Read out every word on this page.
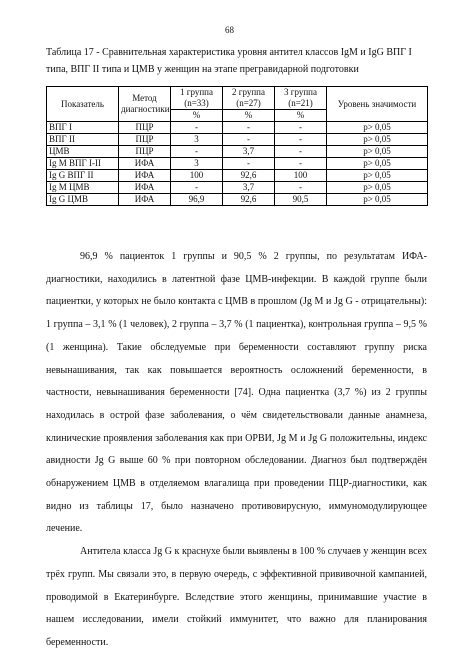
68
Таблица 17 - Сравнительная характеристика уровня антител классов IgM и IgG ВПГ I
типа, ВПГ II типа и ЦМВ у женщин на этапе прегравидарной подготовки
Показатель	Метод диагностики	1 группа (n=33)	2 группа (n=27)	3 группа (n=21)	Уровень значимости
		%	%	%	
ВПГ I	ПЦР	-	-	-	p> 0,05
ВПГ II	ПЦР	3	-	-	p> 0,05
ЦМВ	ПЦР	-	3,7	-	p> 0,05
Ig M ВПГ I-II	ИФА	3	-	-	p> 0,05
Ig G ВПГ II	ИФА	100	92,6	100	p> 0,05
Ig M ЦМВ	ИФА	-	3,7	-	p> 0,05
Ig G ЦМВ	ИФА	96,9	92,6	90,5	p> 0,05

96,9 % пациенток 1 группы и 90,5 % 2 группы, по результатам ИФА-диагностики, находились в латентной фазе ЦМВ-инфекции. В каждой группе были пациентки, у которых не было контакта с ЦМВ в прошлом (Jg M и Jg G - отрицательны): 1 группа – 3,1 % (1 человек), 2 группа – 3,7 % (1 пациентка), контрольная группа – 9,5 % (1 женщина). Такие обследуемые при беременности составляют группу риска невынашивания, так как повышается вероятность осложнений беременности, в частности, невынашивания беременности [74]. Одна пациентка (3,7 %) из 2 группы находилась в острой фазе заболевания, о чём свидетельствовали данные анамнеза, клинические проявления заболевания как при ОРВИ, Jg M и Jg G положительны, индекс авидности Jg G выше 60 % при повторном обследовании. Диагноз был подтверждён обнаружением ЦМВ в отделяемом влагалища при проведении ПЦР-диагностики, как видно из таблицы 17, было назначено противовирусную, иммуномодулирующее лечение.

Антитела класса Jg G к краснухе были выявлены в 100 % случаев у женщин всех трёх групп. Мы связали это, в первую очередь, с эффективной прививочной кампанией, проводимой в Екатеринбурге. Вследствие этого женщины, принимавшие участие в нашем исследовании, имели стойкий иммунитет, что важно для планирования беременности.
